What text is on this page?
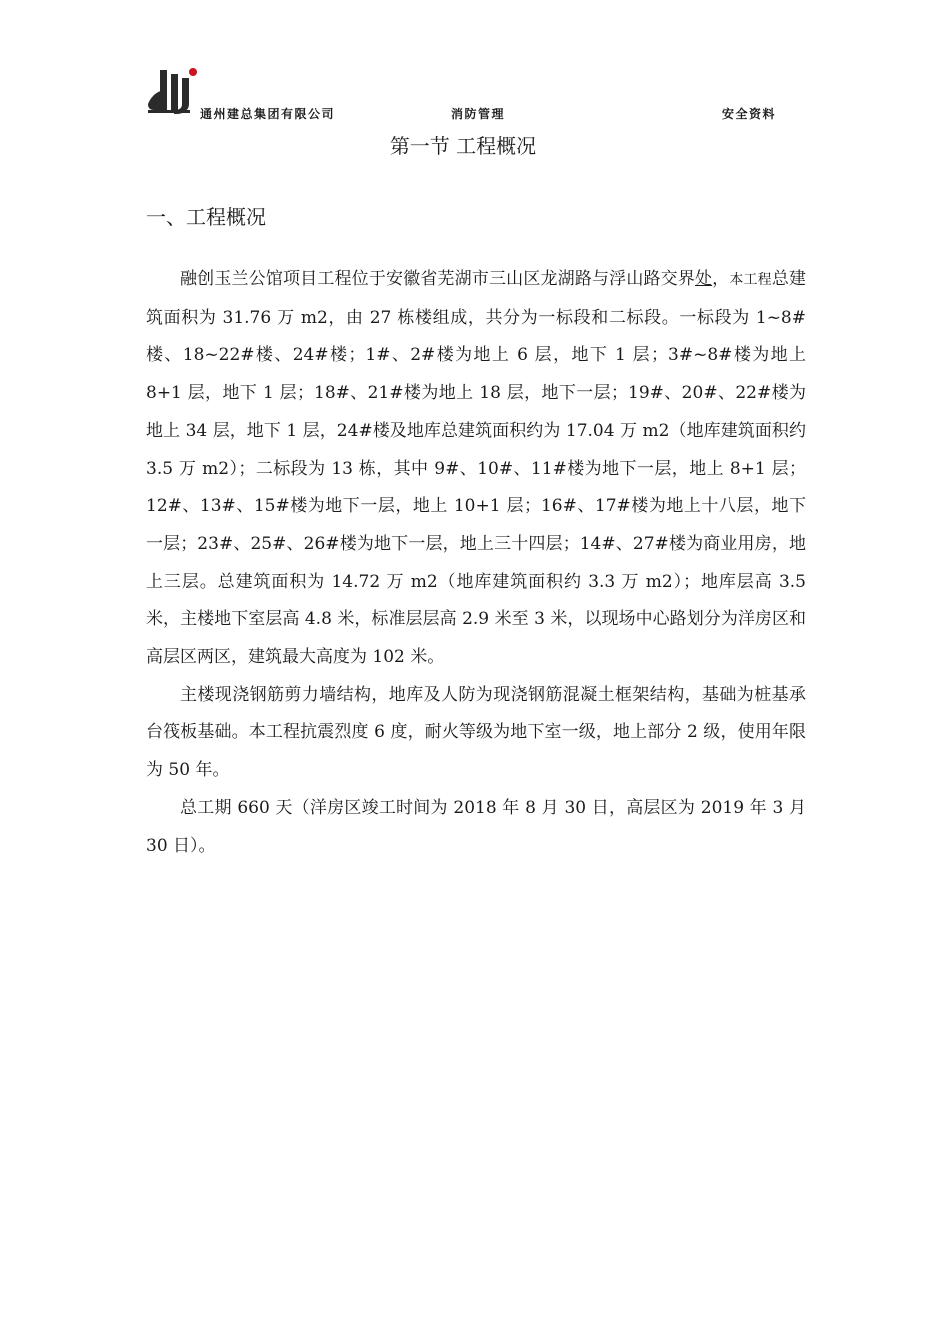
通州建总集团有限公司	消防管理	安全资料
第一节 工程概况
一、工程概况

融创玉兰公馆项目工程位于安徽省芜湖市三山区龙湖路与浮山路交界处，本工程总建筑面积为 31.76 万 m2，由 27 栋楼组成，共分为一标段和二标段。一标段为 1~8#楼、18~22#楼、24#楼；1#、2#楼为地上 6 层，地下 1 层；3#~8#楼为地上 8+1 层，地下 1 层；18#、21#楼为地上 18 层，地下一层；19#、20#、22#楼为地上 34 层，地下 1 层，24#楼及地库总建筑面积约为 17.04 万 m2（地库建筑面积约 3.5 万 m2）；二标段为 13 栋，其中 9#、10#、11#楼为地下一层，地上 8+1 层；12#、13#、15#楼为地下一层，地上 10+1 层；16#、17#楼为地上十八层，地下一层；23#、25#、26#楼为地下一层，地上三十四层；14#、27#楼为商业用房，地上三层。总建筑面积为 14.72 万 m2（地库建筑面积约 3.3 万 m2）；地库层高 3.5 米，主楼地下室层高 4.8 米，标准层层高 2.9 米至 3 米，以现场中心路划分为洋房区和高层区两区，建筑最大高度为 102 米。

主楼现浇钢筋剪力墙结构，地库及人防为现浇钢筋混凝土框架结构，基础为桩基承台筏板基础。本工程抗震烈度 6 度，耐火等级为地下室一级，地上部分 2 级，使用年限为 50 年。

总工期 660 天（洋房区竣工时间为 2018 年 8 月 30 日，高层区为 2019 年 3 月 30 日）。
